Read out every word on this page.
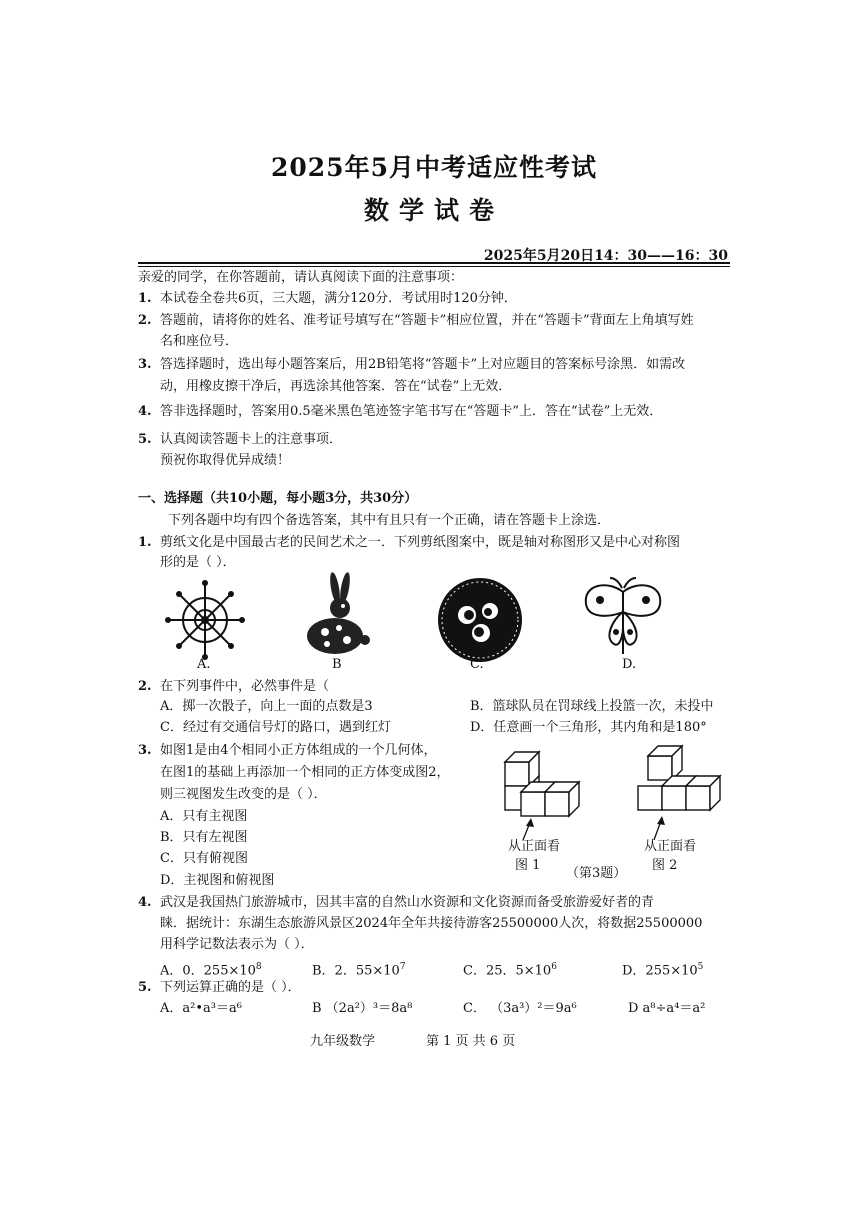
2025年5月中考适应性考试
数学试卷
2025年5月20日14：30——16：30
亲爱的同学，在你答题前，请认真阅读下面的注意事项：
1. 本试卷全卷共6页，三大题，满分120分．考试用时120分钟．
2. 答题前，请将你的姓名、准考证号填写在“答题卡”相应位置，并在“答题卡”背面左上角填写姓
名和座位号．
3. 答选择题时，选出每小题答案后，用2B铅笔将“答题卡”上对应题目的答案标号涂黑．如需改
动，用橡皮擦干净后，再选涂其他答案．答在“试卷”上无效．
4. 答非选择题时，答案用0.5毫米黑色笔迹签字笔书写在“答题卡”上．答在“试卷”上无效．
5. 认真阅读答题卡上的注意事项．
预祝你取得优异成绩！
一、选择题（共10小题，每小题3分，共30分）
下列各题中均有四个备选答案，其中有且只有一个正确，请在答题卡上涂选．
1. 剪纸文化是中国最古老的民间艺术之一．下列剪纸图案中，既是轴对称图形又是中心对称图
形的是（ ）．
A.	B	C.	D.
2. 在下列事件中，必然事件是（
A．掷一次骰子，向上一面的点数是3	B．篮球队员在罚球线上投篮一次，未投中
C．经过有交通信号灯的路口，遇到红灯	D．任意画一个三角形，其内角和是180°
3. 如图1是由4个相同小正方体组成的一个几何体，
在图1的基础上再添加一个相同的正方体变成图2，
则三视图发生改变的是（ ）．
A．只有主视图
B．只有左视图
C．只有俯视图
D．主视图和俯视图
从正面看
图 1
从正面看
图 2
（第3题）
4. 武汉是我国热门旅游城市，因其丰富的自然山水资源和文化资源而备受旅游爱好者的青
睐．据统计：东湖生态旅游风景区2024年全年共接待游客25500000人次，将数据25500000
用科学记数法表示为（ ）．
A．0．$255\times 10^8$	B．2．$55\times 10^7$	C．25．$5\times 10^6$	D．$255\times 10^5$
5. 下列运算正确的是（ ）．
A．a²•a³＝a⁶	B （2a²）³＝8a⁸	C． （3a³）²＝9a⁶	D a⁸÷a⁴＝a²
九年级数学	第 1 页 共 6 页
